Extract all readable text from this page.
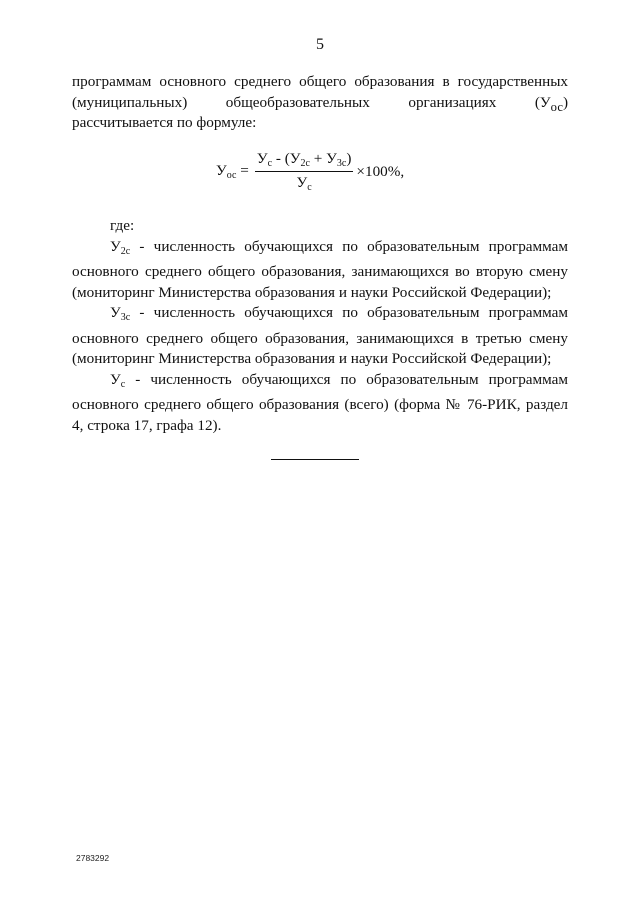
5
программам основного среднего общего образования в государственных
(муниципальных) общеобразовательных организациях $(У_{ос})$
рассчитывается по формуле:
$У_{ос} = \frac{У_с - (У_{2с} + У_{3с})}{У_с} \times 100\%$,

где:

$У_{2с}$ - численность обучающихся по образовательным программам основного среднего общего образования, занимающихся во вторую смену (мониторинг Министерства образования и науки Российской Федерации);

$У_{3с}$ - численность обучающихся по образовательным программам основного среднего общего образования, занимающихся в третью смену (мониторинг Министерства образования и науки Российской Федерации);

$У_с$ - численность обучающихся по образовательным программам основного среднего общего образования (всего) (форма № 76-РИК, раздел 4, строка 17, графа 12).

2783292
